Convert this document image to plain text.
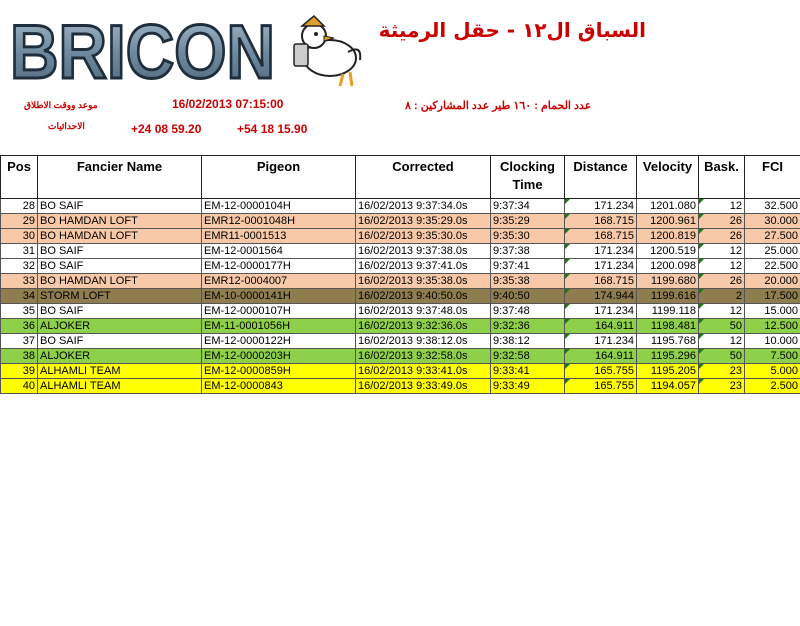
BRICON	السباق ال١٢ - حقل الرميثة
موعد ووقت الاطلاق	16/02/2013 07:15:00
الاحداثيات	+24 08 59.20	+54 18 15.90
عدد الحمام : ١٦٠ طير عدد المشاركين : ٨
Pos	Fancier Name	Pigeon	Corrected	Clocking Time	Distance	Velocity	Bask.	FCI
28	BO SAIF	EM-12-0000104H	16/02/2013 9:37:34.0s	9:37:34	171.234	1201.080	12	32.500
29	BO HAMDAN LOFT	EMR12-0001048H	16/02/2013 9:35:29.0s	9:35:29	168.715	1200.961	26	30.000
30	BO HAMDAN LOFT	EMR11-0001513	16/02/2013 9:35:30.0s	9:35:30	168.715	1200.819	26	27.500
31	BO SAIF	EM-12-0001564	16/02/2013 9:37:38.0s	9:37:38	171.234	1200.519	12	25.000
32	BO SAIF	EM-12-0000177H	16/02/2013 9:37:41.0s	9:37:41	171.234	1200.098	12	22.500
33	BO HAMDAN LOFT	EMR12-0004007	16/02/2013 9:35:38.0s	9:35:38	168.715	1199.680	26	20.000
34	STORM LOFT	EM-10-0000141H	16/02/2013 9:40:50.0s	9:40:50	174.944	1199.616	2	17.500
35	BO SAIF	EM-12-0000107H	16/02/2013 9:37:48.0s	9:37:48	171.234	1199.118	12	15.000
36	ALJOKER	EM-11-0001056H	16/02/2013 9:32:36.0s	9:32:36	164.911	1198.481	50	12.500
37	BO SAIF	EM-12-0000122H	16/02/2013 9:38:12.0s	9:38:12	171.234	1195.768	12	10.000
38	ALJOKER	EM-12-0000203H	16/02/2013 9:32:58.0s	9:32:58	164.911	1195.296	50	7.500
39	ALHAMLI TEAM	EM-12-0000859H	16/02/2013 9:33:41.0s	9:33:41	165.755	1195.205	23	5.000
40	ALHAMLI TEAM	EM-12-0000843	16/02/2013 9:33:49.0s	9:33:49	165.755	1194.057	23	2.500
